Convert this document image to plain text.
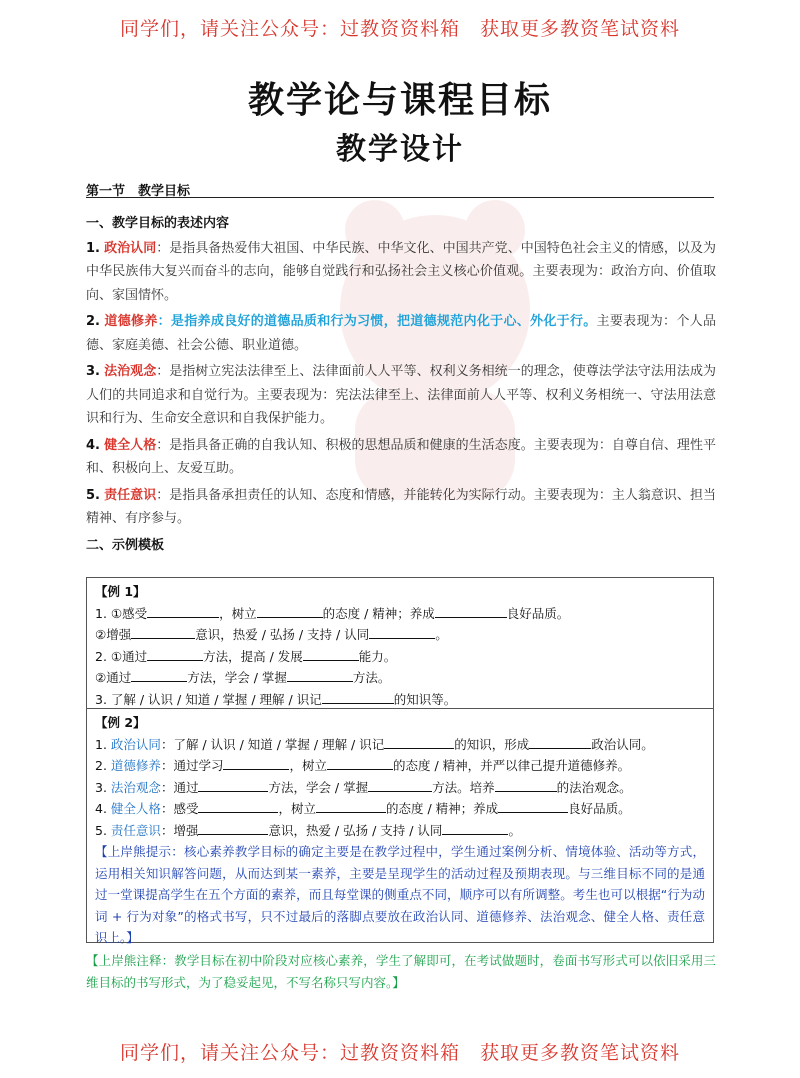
同学们，请关注公众号：过教资资料箱　获取更多教资笔试资料
教学论与课程目标
教学设计
第一节　教学目标
一、教学目标的表述内容
1. 政治认同：是指具备热爱伟大祖国、中华民族、中华文化、中国共产党、中国特色社会主义的情感，以及为中华民族伟大复兴而奋斗的志向，能够自觉践行和弘扬社会主义核心价值观。主要表现为：政治方向、价值取向、家国情怀。
2. 道德修养：是指养成良好的道德品质和行为习惯，把道德规范内化于心、外化于行。主要表现为：个人品德、家庭美德、社会公德、职业道德。
3. 法治观念：是指树立宪法法律至上、法律面前人人平等、权利义务相统一的理念，使尊法学法守法用法成为人们的共同追求和自觉行为。主要表现为：宪法法律至上、法律面前人人平等、权利义务相统一、守法用法意识和行为、生命安全意识和自我保护能力。
4. 健全人格：是指具备正确的自我认知、积极的思想品质和健康的生活态度。主要表现为：自尊自信、理性平和、积极向上、友爱互助。
5. 责任意识：是指具备承担责任的认知、态度和情感，并能转化为实际行动。主要表现为：主人翁意识、担当精神、有序参与。
二、示例模板
【例 1】
1. ①感受	，树立	的态度 / 精神；养成	良好品质。
②增强	意识，热爱 / 弘扬 / 支持 / 认同	。
2. ①通过	方法，提高 / 发展	能力。
②通过	方法，学会 / 掌握	方法。
3. 了解 / 认识 / 知道 / 掌握 / 理解 / 识记	的知识等。
【例 2】
1. 政治认同：了解 / 认识 / 知道 / 掌握 / 理解 / 识记	的知识，形成	政治认同。
2. 道德修养：通过学习	，树立	的态度 / 精神，并严以律己提升道德修养。
3. 法治观念：通过	方法，学会 / 掌握	方法。培养	的法治观念。
4. 健全人格：感受	，树立	的态度 / 精神；养成	良好品质。
5. 责任意识：增强	意识，热爱 / 弘扬 / 支持 / 认同	。
【上岸熊提示：核心素养教学目标的确定主要是在教学过程中，学生通过案例分析、情境体验、活动等方式，运用相关知识解答问题，从而达到某一素养，主要是呈现学生的活动过程及预期表现。与三维目标不同的是通过一堂课提高学生在五个方面的素养，而且每堂课的侧重点不同，顺序可以有所调整。考生也可以根据“行为动词 + 行为对象”的格式书写，只不过最后的落脚点要放在政治认同、道德修养、法治观念、健全人格、责任意识上。】
【上岸熊注释：教学目标在初中阶段对应核心素养，学生了解即可，在考试做题时，卷面书写形式可以依旧采用三维目标的书写形式，为了稳妥起见，不写名称只写内容。】
同学们，请关注公众号：过教资资料箱　获取更多教资笔试资料
